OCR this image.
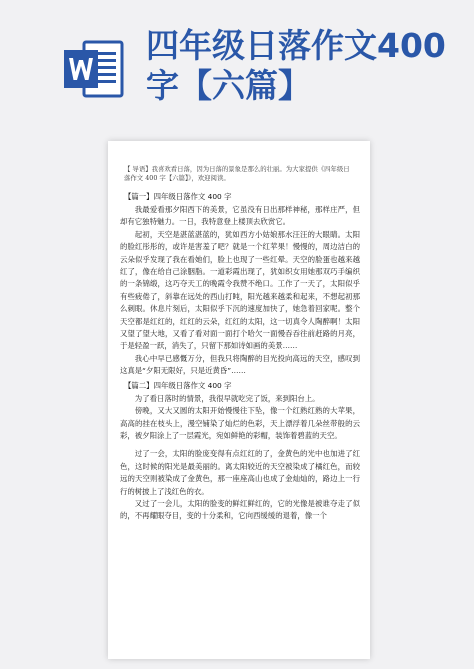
四年级日落作文400字【六篇】

【 导语】我喜欢看日落，因为日落的景象是那么的壮丽。为大家提供《四年级日落作文 400 字【六篇】》，欢迎阅读。

【篇一】四年级日落作文 400 字

我最爱看那夕阳西下的美景，它虽没有日出那样神秘，那样庄严，但却有它独特魅力。一日，我特意登上楼顶去欣赏它。

起初，天空是湛蓝湛蓝的，犹如西方小姑娘那水汪汪的大眼睛。太阳的脸红彤彤的，或许是害羞了吧？就是一个红苹果！慢慢的，周边洁白的云朵似乎发现了我在看她们，脸上也现了一些红晕。天空的脸蛋也越来越红了，像在给自己涂胭脂。一道彩霞出现了，犹如织女用她那双巧手编织的一条锦缎，这巧夺天工的晚霞令我赞不绝口。工作了一天了，太阳似乎有些疲倦了，斜靠在远处的西山打盹，阳光越来越柔和起来，不想起初那么刺眼。休息片刻后，太阳似乎下沉的速度加快了，她急着回家呢。整个天空都是红红的，红红的云朵，红红的太阳，这一切真令人陶醉啊！太阳又望了望大地，又看了看对面一面打个哈欠一面慢吞吞往前赶路的月亮，于是轻盈一跃，消失了，只留下那如诗如画的美景……

我心中早已感慨万分，但我只将陶醉的目光投向高远的天空，感叹到这真是“夕阳无限好，只是近黄昏”……

【篇二】四年级日落作文 400 字

为了看日落时的情景，我很早就吃完了饭，来到阳台上。

傍晚，又大又圆的太阳开始慢慢往下坠，像一个红熟红熟的大苹果，高高的挂在枝头上，漫空铺染了灿烂的色彩，天上漂浮着几朵丝带般的云彩，被夕阳涂上了一层霞光，宛如鲜艳的彩帽，装饰着碧蓝的天空。

过了一会，太阳的脸庞变得有点红红的了，金黄色的光中也加进了红色，这时候的阳光是最美丽的。离太阳较近的天空被染成了橘红色，而较远的天空则被染成了金黄色，那一座座高山也成了金灿灿的，路边上一行行的树披上了浅红色的衣。

又过了一会儿，太阳的脸变的鲜红鲜红的，它的光像是被谁夺走了似的，不再耀眼夺目，变的十分柔和，它向西缓缓的退着，像一个
